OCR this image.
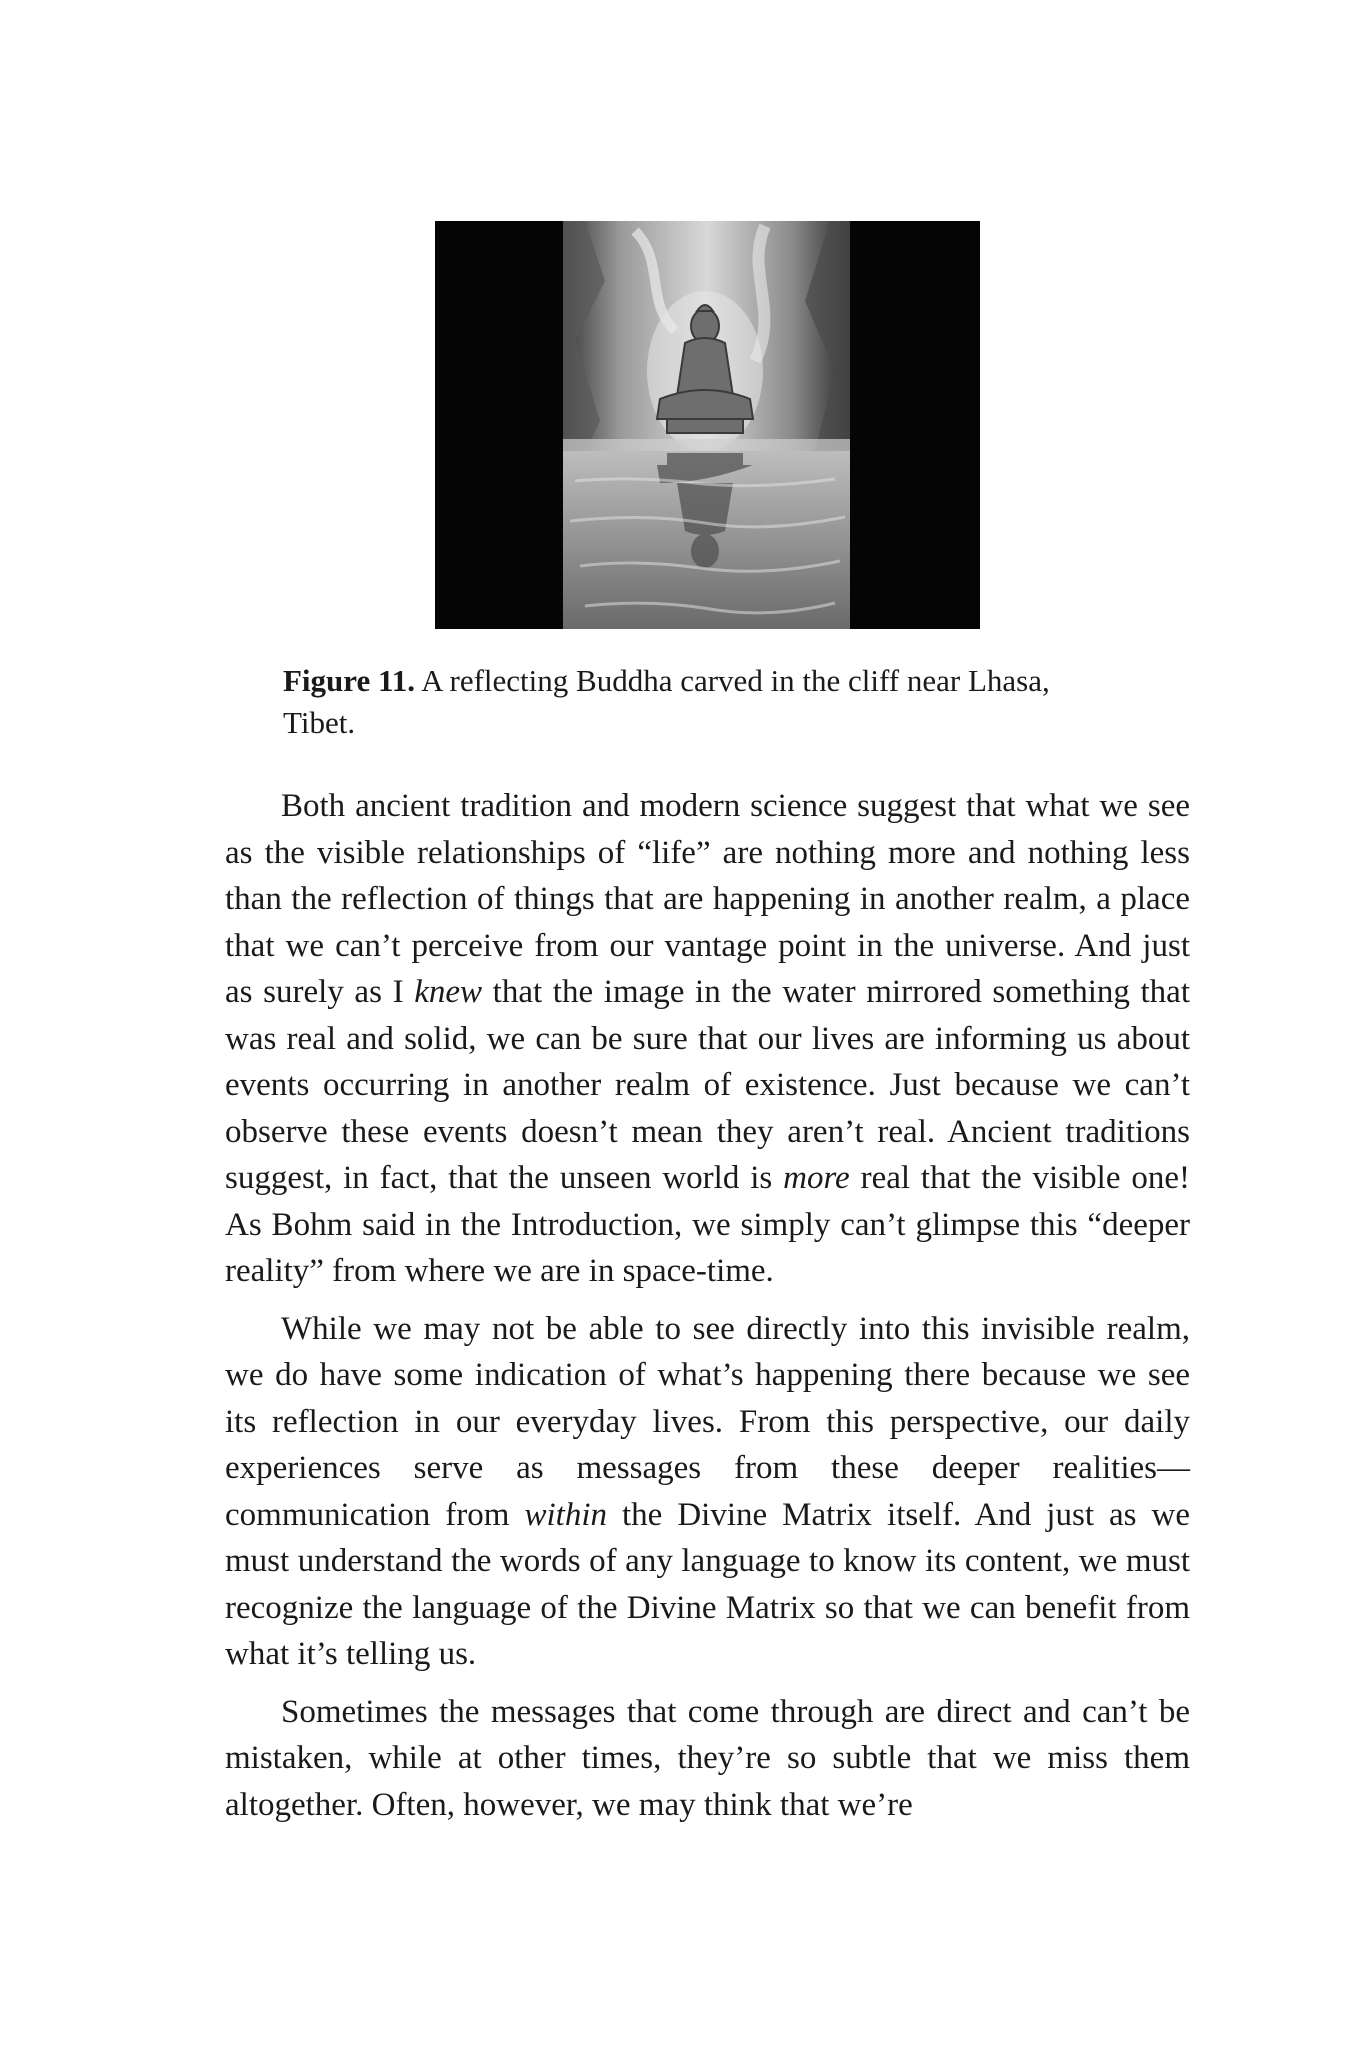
Figure 11. A reflecting Buddha carved in the cliff near Lhasa, Tibet.

Both ancient tradition and modern science suggest that what we see as the visible relationships of “life” are nothing more and nothing less than the reflection of things that are happening in another realm, a place that we can’t perceive from our vantage point in the universe. And just as surely as I knew that the image in the water mirrored something that was real and solid, we can be sure that our lives are informing us about events occurring in another realm of existence. Just because we can’t observe these events doesn’t mean they aren’t real. Ancient traditions suggest, in fact, that the unseen world is more real that the visible one! As Bohm said in the Introduction, we simply can’t glimpse this “deeper reality” from where we are in space-time.

While we may not be able to see directly into this invisible realm, we do have some indication of what’s happening there because we see its reflection in our everyday lives. From this perspective, our daily experiences serve as messages from these deeper realities—communication from within the Divine Matrix itself. And just as we must understand the words of any language to know its content, we must recognize the language of the Divine Matrix so that we can benefit from what it’s telling us.

Sometimes the messages that come through are direct and can’t be mistaken, while at other times, they’re so subtle that we miss them altogether. Often, however, we may think that we’re
